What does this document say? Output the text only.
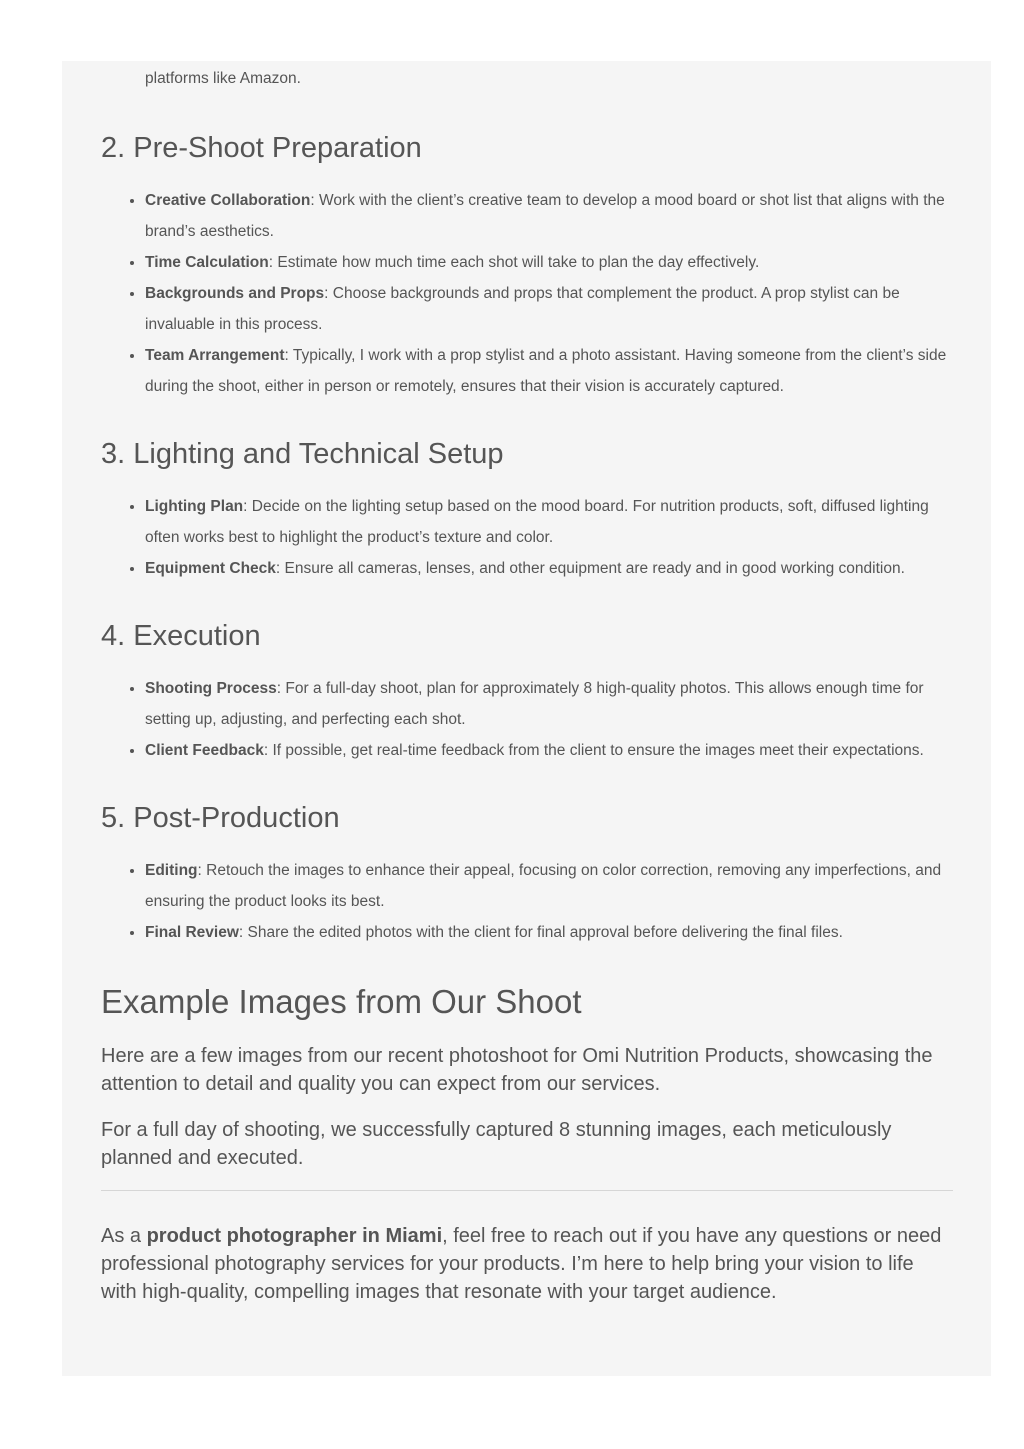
platforms like Amazon.

2. Pre-Shoot Preparation
• Creative Collaboration: Work with the client’s creative team to develop a mood board or shot list that aligns with the brand’s aesthetics.
• Time Calculation: Estimate how much time each shot will take to plan the day effectively.
• Backgrounds and Props: Choose backgrounds and props that complement the product. A prop stylist can be invaluable in this process.
• Team Arrangement: Typically, I work with a prop stylist and a photo assistant. Having someone from the client’s side during the shoot, either in person or remotely, ensures that their vision is accurately captured.
3. Lighting and Technical Setup
• Lighting Plan: Decide on the lighting setup based on the mood board. For nutrition products, soft, diffused lighting often works best to highlight the product’s texture and color.
• Equipment Check: Ensure all cameras, lenses, and other equipment are ready and in good working condition.
4. Execution
• Shooting Process: For a full-day shoot, plan for approximately 8 high-quality photos. This allows enough time for setting up, adjusting, and perfecting each shot.
• Client Feedback: If possible, get real-time feedback from the client to ensure the images meet their expectations.
5. Post-Production
• Editing: Retouch the images to enhance their appeal, focusing on color correction, removing any imperfections, and ensuring the product looks its best.
• Final Review: Share the edited photos with the client for final approval before delivering the final files.
Example Images from Our Shoot

Here are a few images from our recent photoshoot for Omi Nutrition Products, showcasing the attention to detail and quality you can expect from our services.

For a full day of shooting, we successfully captured 8 stunning images, each meticulously planned and executed.

As a product photographer in Miami, feel free to reach out if you have any questions or need professional photography services for your products. I’m here to help bring your vision to life with high-quality, compelling images that resonate with your target audience.
